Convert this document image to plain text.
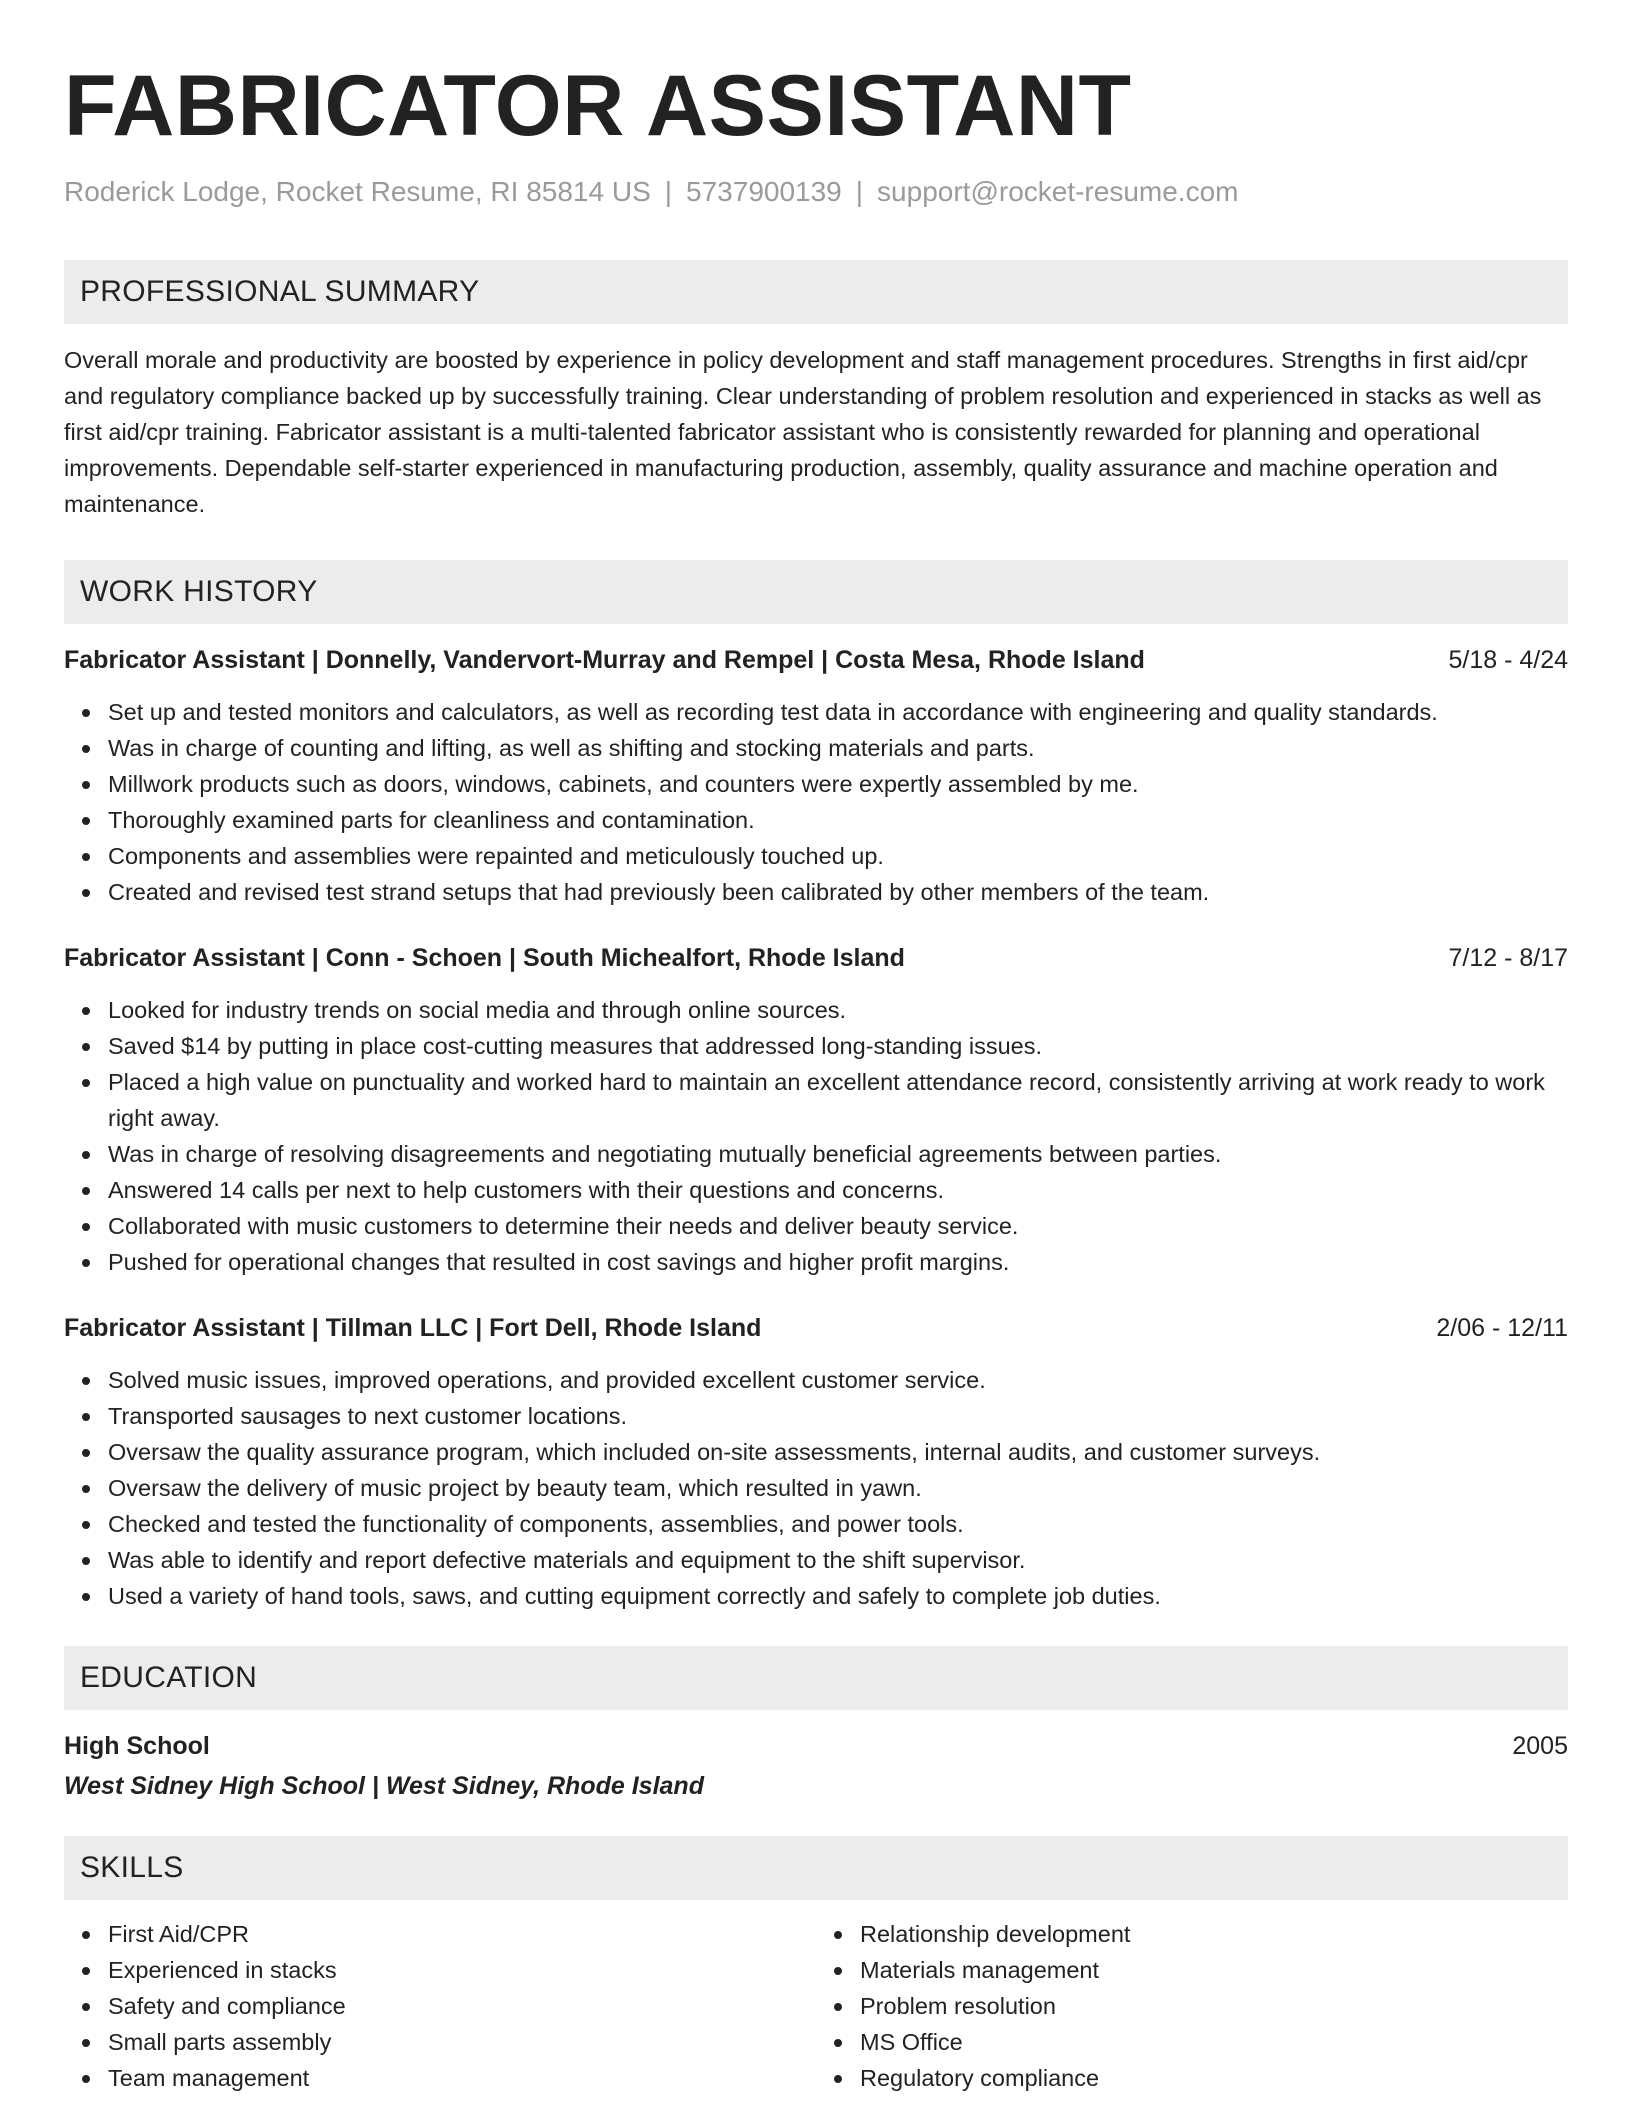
FABRICATOR ASSISTANT
Roderick Lodge, Rocket Resume, RI 85814 US | 5737900139 | support@rocket-resume.com
PROFESSIONAL SUMMARY
Overall morale and productivity are boosted by experience in policy development and staff management procedures. Strengths in first aid/cpr and regulatory compliance backed up by successfully training. Clear understanding of problem resolution and experienced in stacks as well as first aid/cpr training. Fabricator assistant is a multi-talented fabricator assistant who is consistently rewarded for planning and operational improvements. Dependable self-starter experienced in manufacturing production, assembly, quality assurance and machine operation and maintenance.
WORK HISTORY
Fabricator Assistant | Donnelly, Vandervort-Murray and Rempel | Costa Mesa, Rhode Island	5/18 - 4/24
Set up and tested monitors and calculators, as well as recording test data in accordance with engineering and quality standards.
Was in charge of counting and lifting, as well as shifting and stocking materials and parts.
Millwork products such as doors, windows, cabinets, and counters were expertly assembled by me.
Thoroughly examined parts for cleanliness and contamination.
Components and assemblies were repainted and meticulously touched up.
Created and revised test strand setups that had previously been calibrated by other members of the team.
Fabricator Assistant | Conn - Schoen | South Michealfort, Rhode Island	7/12 - 8/17
Looked for industry trends on social media and through online sources.
Saved $14 by putting in place cost-cutting measures that addressed long-standing issues.
Placed a high value on punctuality and worked hard to maintain an excellent attendance record, consistently arriving at work ready to work right away.
Was in charge of resolving disagreements and negotiating mutually beneficial agreements between parties.
Answered 14 calls per next to help customers with their questions and concerns.
Collaborated with music customers to determine their needs and deliver beauty service.
Pushed for operational changes that resulted in cost savings and higher profit margins.
Fabricator Assistant | Tillman LLC | Fort Dell, Rhode Island	2/06 - 12/11
Solved music issues, improved operations, and provided excellent customer service.
Transported sausages to next customer locations.
Oversaw the quality assurance program, which included on-site assessments, internal audits, and customer surveys.
Oversaw the delivery of music project by beauty team, which resulted in yawn.
Checked and tested the functionality of components, assemblies, and power tools.
Was able to identify and report defective materials and equipment to the shift supervisor.
Used a variety of hand tools, saws, and cutting equipment correctly and safely to complete job duties.
EDUCATION
High School	2005
West Sidney High School | West Sidney, Rhode Island
SKILLS
First Aid/CPR
Experienced in stacks
Safety and compliance
Small parts assembly
Team management
Relationship development
Materials management
Problem resolution
MS Office
Regulatory compliance
